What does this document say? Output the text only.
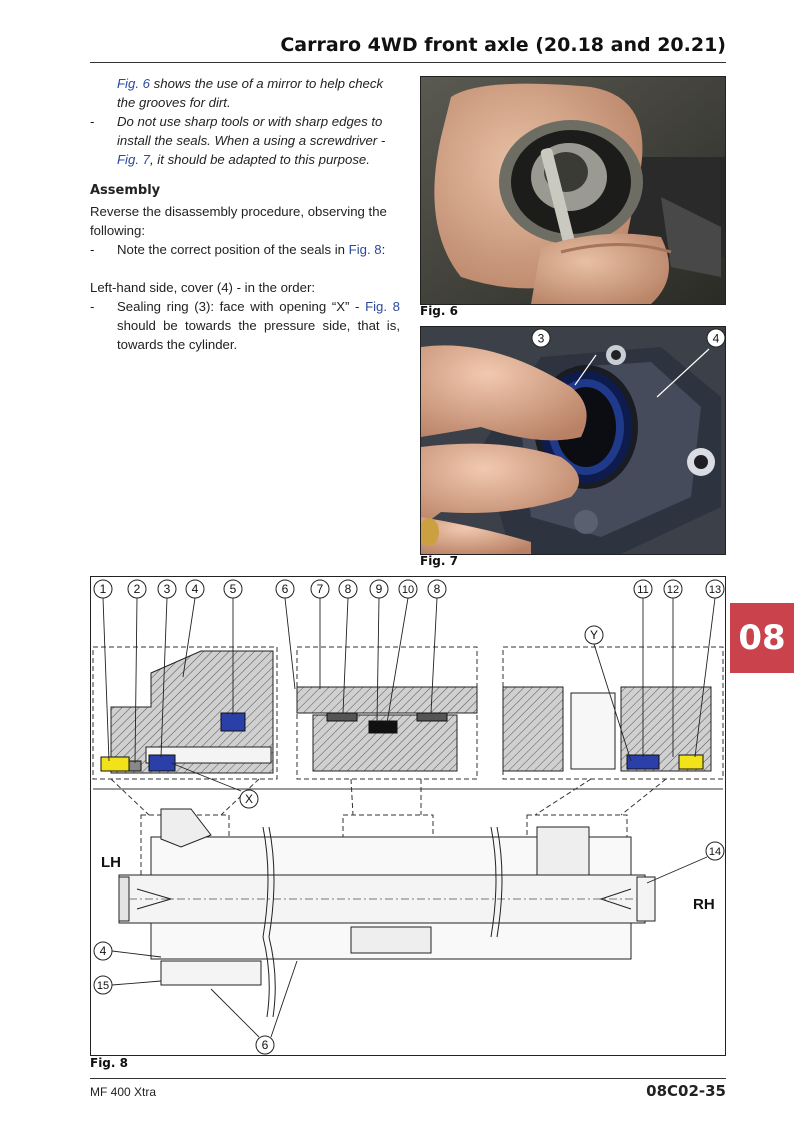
Carraro 4WD front axle (20.18 and 20.21)

Fig. 6 shows the use of a mirror to help check the grooves for dirt.

- Do not use sharp tools or with sharp edges to install the seals. When a using a screwdriver - Fig. 7, it should be adapted to this purpose.

Assembly

Reverse the disassembly procedure, observing the following:

- Note the correct position of the seals in Fig. 8:

Left-hand side, cover (4) - in the order:

- Sealing ring (3): face with opening “X” - Fig. 8 should be towards the pressure side, that is, towards the cylinder.

Fig. 6
3	4
Fig. 7
08
1 2 3 4	5	6 7 8 9 10 8	11 12	13
Y
X
14
4
15
6
LH
RH
Fig. 8
MF 400 Xtra	08C02-35
